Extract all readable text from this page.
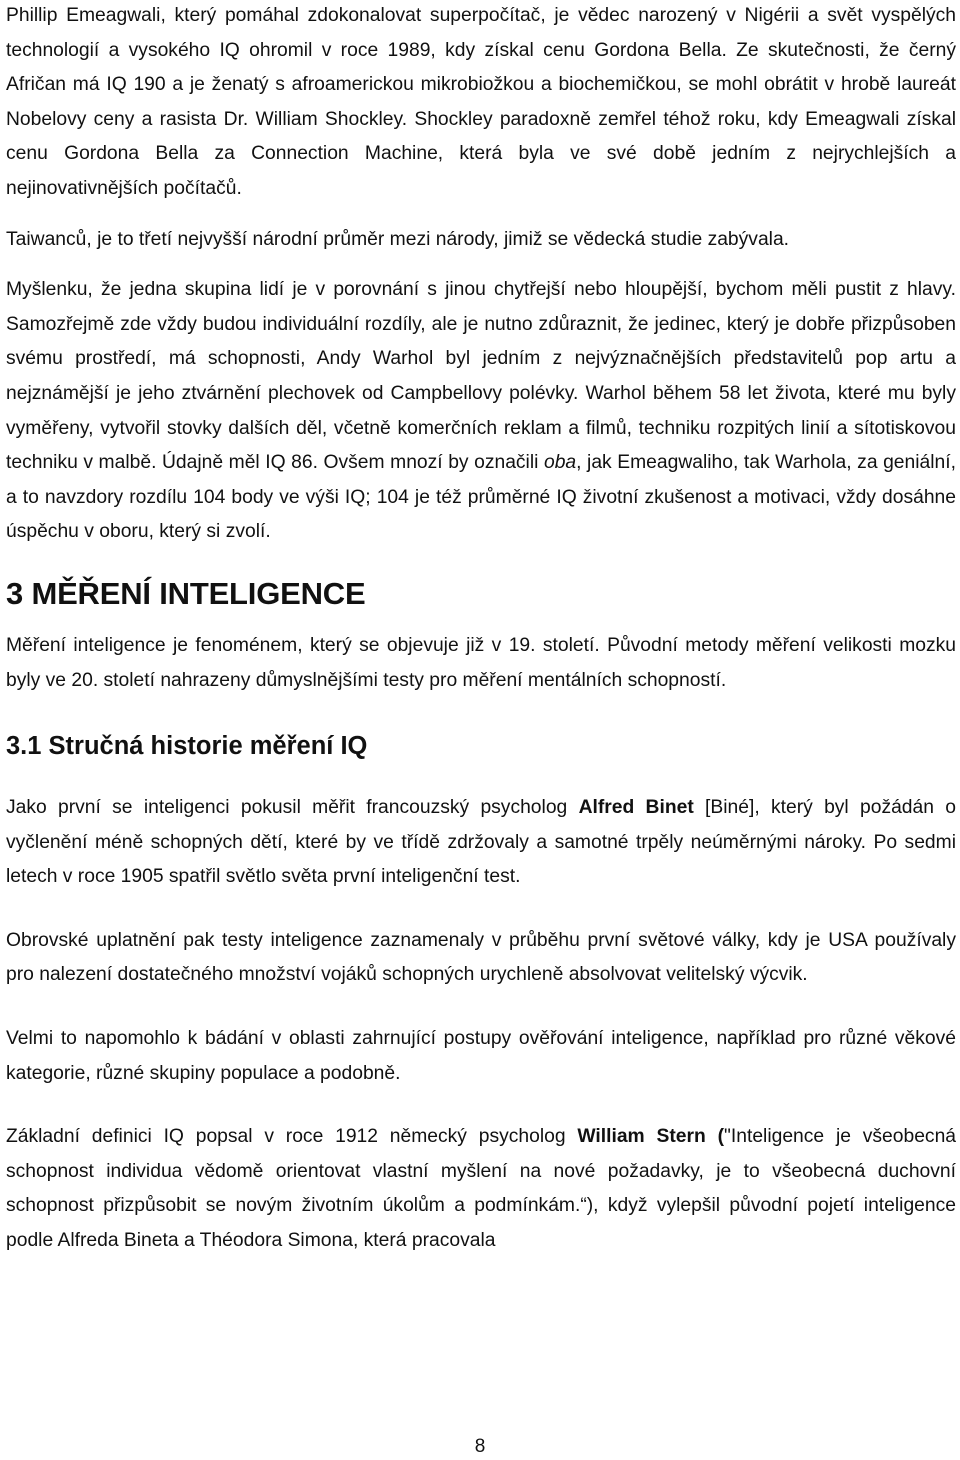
Phillip Emeagwali, který pomáhal zdokonalovat superpočítač, je vědec narozený v Nigérii a svět vyspělých technologií a vysokého IQ ohromil v roce 1989, kdy získal cenu Gordona Bella. Ze skutečnosti, že černý Afričan má IQ 190 a je ženatý s afroamerickou mikrobiožkou a biochemičkou, se mohl obrátit v hrobě laureát Nobelovy ceny a rasista Dr. William Shockley. Shockley paradoxně zemřel téhož roku, kdy Emeagwali získal cenu Gordona Bella za Connection Machine, která byla ve své době jedním z nejrychlejších a nejinovativnějších počítačů.

Taiwanců, je to třetí nejvyšší národní průměr mezi národy, jimiž se vědecká studie zabývala.

Myšlenku, že jedna skupina lidí je v porovnání s jinou chytřejší nebo hloupější, bychom měli pustit z hlavy. Samozřejmě zde vždy budou individuální rozdíly, ale je nutno zdůraznit, že jedinec, který je dobře přizpůsoben svému prostředí, má schopnosti, Andy Warhol byl jedním z nejvýznačnějších představitelů pop artu a nejznámější je jeho ztvárnění plechovek od Campbellovy polévky. Warhol během 58 let života, které mu byly vyměřeny, vytvořil stovky dalších děl, včetně komerčních reklam a filmů, techniku rozpitých linií a sítotiskovou techniku v malbě. Údajně měl IQ 86. Ovšem mnozí by označili oba, jak Emeagwaliho, tak Warhola, za geniální, a to navzdory rozdílu 104 body ve výši IQ; 104 je též průměrné IQ životní zkušenost a motivaci, vždy dosáhne úspěchu v oboru, který si zvolí.

3 MĚŘENÍ INTELIGENCE

Měření inteligence je fenoménem, který se objevuje již v 19. století. Původní metody měření velikosti mozku byly ve 20. století nahrazeny důmyslnějšími testy pro měření mentálních schopností.

3.1 Stručná historie měření IQ

Jako první se inteligenci pokusil měřit francouzský psycholog Alfred Binet [Biné], který byl požádán o vyčlenění méně schopných dětí, které by ve třídě zdržovaly a samotné trpěly neúměrnými nároky. Po sedmi letech v roce 1905 spatřil světlo světa první inteligenční test.

Obrovské uplatnění pak testy inteligence zaznamenaly v průběhu první světové války, kdy je USA používaly pro nalezení dostatečného množství vojáků schopných urychleně absolvovat velitelský výcvik.

Velmi to napomohlo k bádání v oblasti zahrnující postupy ověřování inteligence, například pro různé věkové kategorie, různé skupiny populace a podobně.

Základní definici IQ popsal v roce 1912 německý psycholog William Stern ("Inteligence je všeobecná schopnost individua vědomě orientovat vlastní myšlení na nové požadavky, je to všeobecná duchovní schopnost přizpůsobit se novým životním úkolům a podmínkám.“), když vylepšil původní pojetí inteligence podle Alfreda Bineta a Théodora Simona, která pracovala

8
